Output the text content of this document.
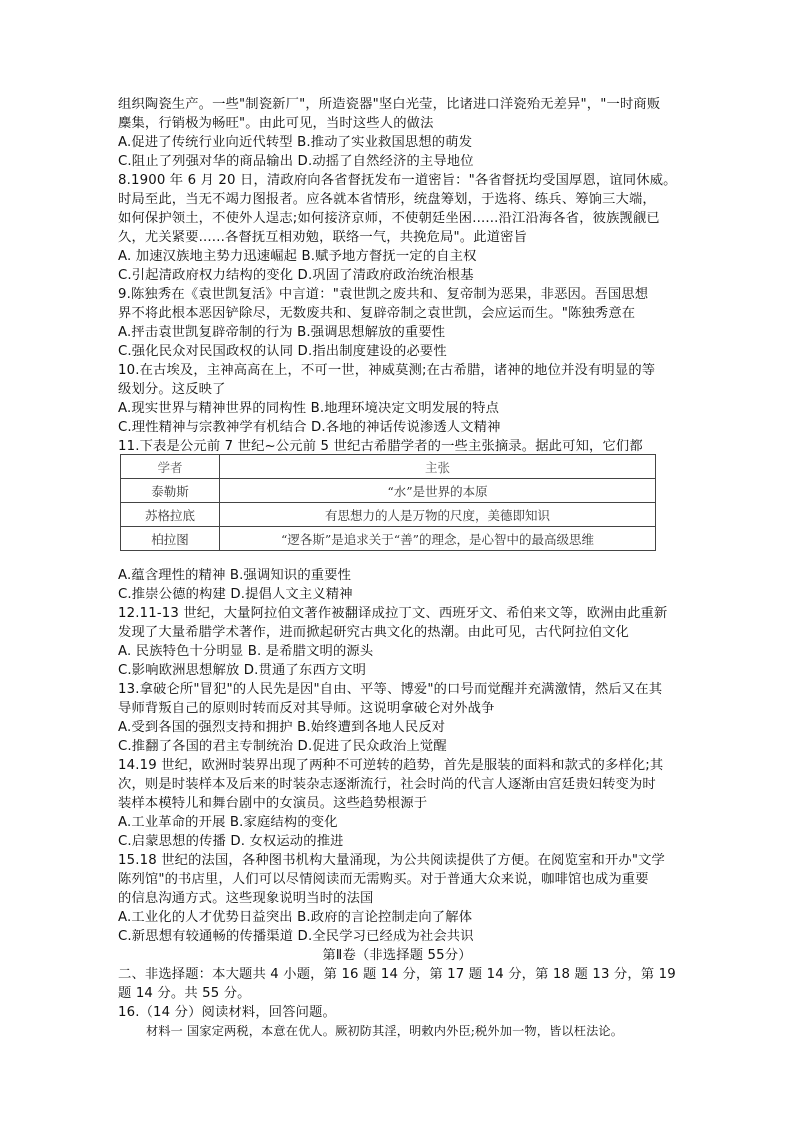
组织陶瓷生产。一些"制瓷新厂"，所造瓷器"坚白光莹，比诸进口洋瓷殆无差异"，"一时商贩
麇集，行销极为畅旺"。由此可见，当时这些人的做法
A.促进了传统行业向近代转型 B.推动了实业救国思想的萌发
C.阻止了列强对华的商品输出 D.动摇了自然经济的主导地位
8.1900 年 6 月 20 日，清政府向各省督抚发布一道密旨："各省督抚均受国厚恩，谊同休威。
时局至此，当无不竭力图报者。应各就本省情形，统盘筹划，于选将、练兵、筹饷三大端，
如何保护领土，不使外人逞志;如何接济京师，不使朝廷坐困......沿江沿海各省，彼族觊觎已
久，尤关紧要......各督抚互相劝勉，联络一气，共挽危局"。此道密旨
A. 加速汉族地主势力迅速崛起 B.赋予地方督抚一定的自主权
C.引起清政府权力结构的变化 D.巩固了清政府政治统治根基
9.陈独秀在《袁世凯复活》中言道："袁世凯之废共和、复帝制为恶果，非恶因。吾国思想
界不将此根本恶因铲除尽，无数废共和、复辟帝制之袁世凯，会应运而生。"陈独秀意在
A.抨击袁世凯复辟帝制的行为 B.强调思想解放的重要性
C.强化民众对民国政权的认同 D.指出制度建设的必要性
10.在古埃及，主神高高在上，不可一世，神威莫测;在古希腊，诸神的地位并没有明显的等
级划分。这反映了
A.现实世界与精神世界的同构性 B.地理环境决定文明发展的特点
C.理性精神与宗教神学有机结合 D.各地的神话传说渗透人文精神
11.下表是公元前 7 世纪~公元前 5 世纪古希腊学者的一些主张摘录。据此可知，它们都
学者	主张
泰勒斯	“水”是世界的本原
苏格拉底	有思想力的人是万物的尺度，美德即知识
柏拉图	“逻各斯”是追求关于“善”的理念，是心智中的最高级思维
A.蕴含理性的精神 B.强调知识的重要性
C.推崇公德的构建 D.提倡人文主义精神
12.11-13 世纪，大量阿拉伯文著作被翻译成拉丁文、西班牙文、希伯来文等，欧洲由此重新
发现了大量希腊学术著作，进而掀起研究古典文化的热潮。由此可见，古代阿拉伯文化
A. 民族特色十分明显 B. 是希腊文明的源头
C.影响欧洲思想解放 D.贯通了东西方文明
13.拿破仑所"冒犯"的人民先是因"自由、平等、博爱"的口号而觉醒并充满激情，然后又在其
导师背叛自己的原则时转而反对其导师。这说明拿破仑对外战争
A.受到各国的强烈支持和拥护 B.始终遭到各地人民反对
C.推翻了各国的君主专制统治 D.促进了民众政治上觉醒
14.19 世纪，欧洲时装界出现了两种不可逆转的趋势，首先是服装的面料和款式的多样化;其
次，则是时装样本及后来的时装杂志逐渐流行，社会时尚的代言人逐渐由宫廷贵妇转变为时
装样本模特儿和舞台剧中的女演员。这些趋势根源于
A.工业革命的开展 B.家庭结构的变化
C.启蒙思想的传播 D. 女权运动的推进
15.18 世纪的法国，各种图书机构大量涌现，为公共阅读提供了方便。在阅览室和开办"文学
陈列馆"的书店里，人们可以尽情阅读而无需购买。对于普通大众来说，咖啡馆也成为重要
的信息沟通方式。这些现象说明当时的法国
A.工业化的人才优势日益突出 B.政府的言论控制走向了解体
C.新思想有较通畅的传播渠道 D.全民学习已经成为社会共识
第Ⅱ卷（非选择题 55分）
二、非选择题：本大题共 4 小题，第 16 题 14 分，第 17 题 14 分，第 18 题 13 分，第 19
题 14 分。共 55 分。
16.（14 分）阅读材料，回答问题。
材料一 国家定两税，本意在优人。厥初防其淫，明敕内外臣;税外加一物，皆以枉法论。
